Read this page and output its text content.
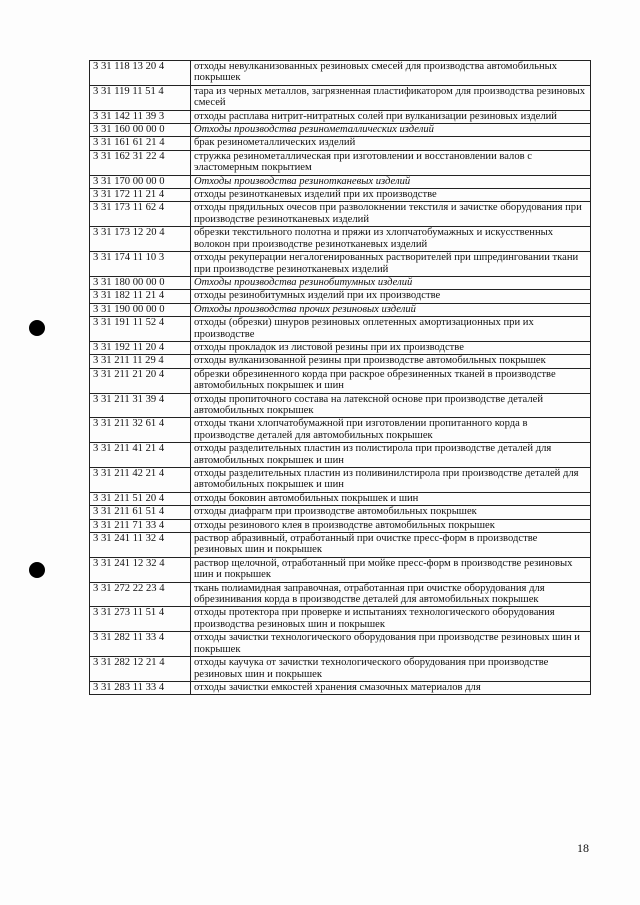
3 31 118 13 20 4	отходы невулканизованных резиновых смесей для производства автомобильных покрышек
3 31 119 11 51 4	тара из черных металлов, загрязненная пластификатором для производства резиновых смесей
3 31 142 11 39 3	отходы расплава нитрит-нитратных солей при вулканизации резиновых изделий
3 31 160 00 00 0	Отходы производства резинометаллических изделий
3 31 161 61 21 4	брак резинометаллических изделий
3 31 162 31 22 4	стружка резинометаллическая при изготовлении и восстановлении валов с эластомерным покрытием
3 31 170 00 00 0	Отходы производства резинотканевых изделий
3 31 172 11 21 4	отходы резинотканевых изделий при их производстве
3 31 173 11 62 4	отходы прядильных очесов при разволокнении текстиля и зачистке оборудования при производстве резинотканевых изделий
3 31 173 12 20 4	обрезки текстильного полотна и пряжи из хлопчатобумажных и искусственных волокон при производстве резинотканевых изделий
3 31 174 11 10 3	отходы рекуперации негалогенированных растворителей при шпрединговании ткани при производстве резинотканевых изделий
3 31 180 00 00 0	Отходы производства резинобитумных изделий
3 31 182 11 21 4	отходы резинобитумных изделий при их производстве
3 31 190 00 00 0	Отходы производства прочих резиновых изделий
3 31 191 11 52 4	отходы (обрезки) шнуров резиновых оплетенных амортизационных при их производстве
3 31 192 11 20 4	отходы прокладок из листовой резины при их производстве
3 31 211 11 29 4	отходы вулканизованной резины при производстве автомобильных покрышек
3 31 211 21 20 4	обрезки обрезиненного корда при раскрое обрезиненных тканей в производстве автомобильных покрышек и шин
3 31 211 31 39 4	отходы пропиточного состава на латексной основе при производстве деталей автомобильных покрышек
3 31 211 32 61 4	отходы ткани хлопчатобумажной при изготовлении пропитанного корда в производстве деталей для автомобильных покрышек
3 31 211 41 21 4	отходы разделительных пластин из полистирола при производстве деталей для автомобильных покрышек и шин
3 31 211 42 21 4	отходы разделительных пластин из поливинилстирола при производстве деталей для автомобильных покрышек и шин
3 31 211 51 20 4	отходы боковин автомобильных покрышек и шин
3 31 211 61 51 4	отходы диафрагм при производстве автомобильных покрышек
3 31 211 71 33 4	отходы резинового клея в производстве автомобильных покрышек
3 31 241 11 32 4	раствор абразивный, отработанный при очистке пресс-форм в производстве резиновых шин и покрышек
3 31 241 12 32 4	раствор щелочной, отработанный при мойке пресс-форм в производстве резиновых шин и покрышек
3 31 272 22 23 4	ткань полиамидная заправочная, отработанная при очистке оборудования для обрезинивания корда в производстве деталей для автомобильных покрышек
3 31 273 11 51 4	отходы протектора при проверке и испытаниях технологического оборудования производства резиновых шин и покрышек
3 31 282 11 33 4	отходы зачистки технологического оборудования при производстве резиновых шин и покрышек
3 31 282 12 21 4	отходы каучука от зачистки технологического оборудования при производстве резиновых шин и покрышек
3 31 283 11 33 4	отходы зачистки емкостей хранения смазочных материалов для
18
